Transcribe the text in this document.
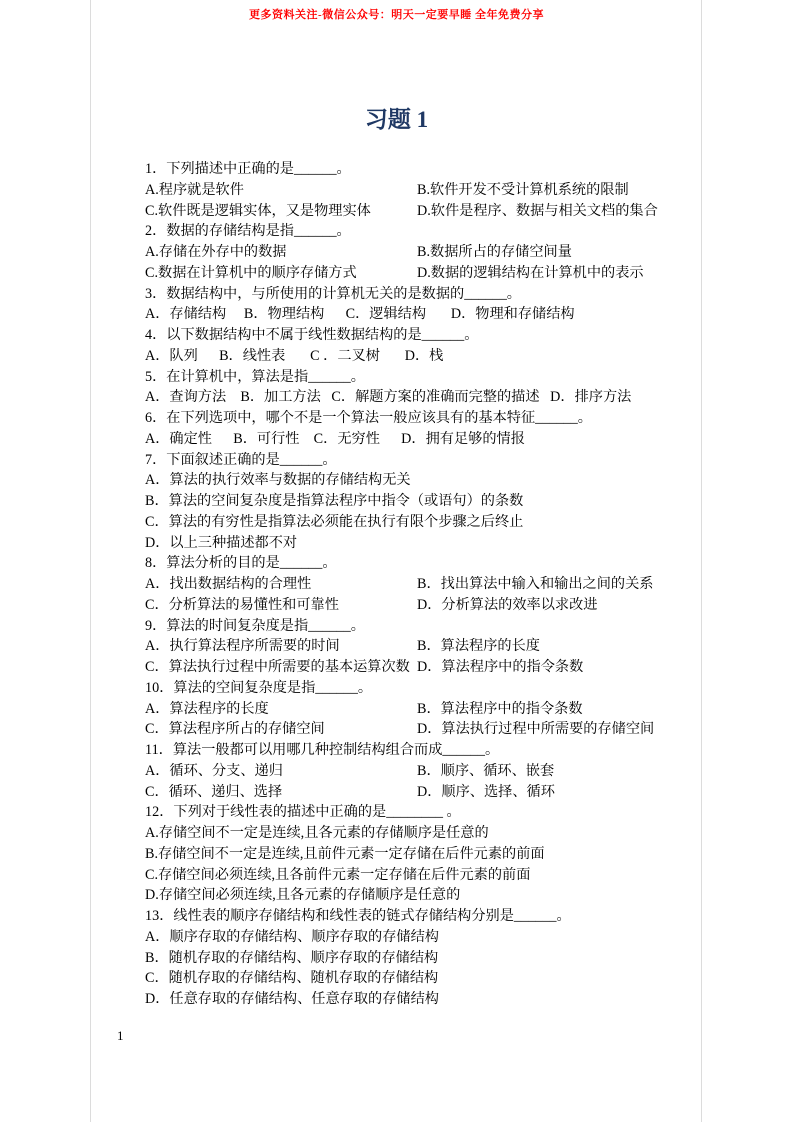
更多资料关注-微信公众号：明天一定要早睡 全年免费分享
习题 1
1．下列描述中正确的是______。
A.程序就是软件	B.软件开发不受计算机系统的限制
C.软件既是逻辑实体，又是物理实体	D.软件是程序、数据与相关文档的集合
2．数据的存储结构是指______。
A.存储在外存中的数据	B.数据所占的存储空间量
C.数据在计算机中的顺序存储方式	D.数据的逻辑结构在计算机中的表示
3．数据结构中，与所使用的计算机无关的是数据的______。
A．存储结构     B．物理结构      C．逻辑结构       D．物理和存储结构
4．以下数据结构中不属于线性数据结构的是______。
A．队列      B．线性表       C ．二叉树       D．栈
5．在计算机中，算法是指______。
A．查询方法    B．加工方法   C．解题方案的准确而完整的描述   D．排序方法
6．在下列选项中，哪个不是一个算法一般应该具有的基本特征______。
A．确定性      B．可行性    C．无穷性      D．拥有足够的情报
7．下面叙述正确的是______。
A．算法的执行效率与数据的存储结构无关
B．算法的空间复杂度是指算法程序中指令（或语句）的条数
C．算法的有穷性是指算法必须能在执行有限个步骤之后终止
D．以上三种描述都不对
8．算法分析的目的是______。
A．找出数据结构的合理性	B．找出算法中输入和输出之间的关系
C．分析算法的易懂性和可靠性	D．分析算法的效率以求改进
9．算法的时间复杂度是指______。
A．执行算法程序所需要的时间	B．算法程序的长度
C．算法执行过程中所需要的基本运算次数 D．算法程序中的指令条数
10．算法的空间复杂度是指______。
A．算法程序的长度	B．算法程序中的指令条数
C．算法程序所占的存储空间	D．算法执行过程中所需要的存储空间
11．算法一般都可以用哪几种控制结构组合而成______。
A．循环、分支、递归	B．顺序、循环、嵌套
C．循环、递归、选择	D．顺序、选择、循环
12．下列对于线性表的描述中正确的是________ 。
A.存储空间不一定是连续,且各元素的存储顺序是任意的
B.存储空间不一定是连续,且前件元素一定存储在后件元素的前面
C.存储空间必须连续,且各前件元素一定存储在后件元素的前面
D.存储空间必须连续,且各元素的存储顺序是任意的
13．线性表的顺序存储结构和线性表的链式存储结构分别是______。
A．顺序存取的存储结构、顺序存取的存储结构
B．随机存取的存储结构、顺序存取的存储结构
C．随机存取的存储结构、随机存取的存储结构
D．任意存取的存储结构、任意存取的存储结构
1
